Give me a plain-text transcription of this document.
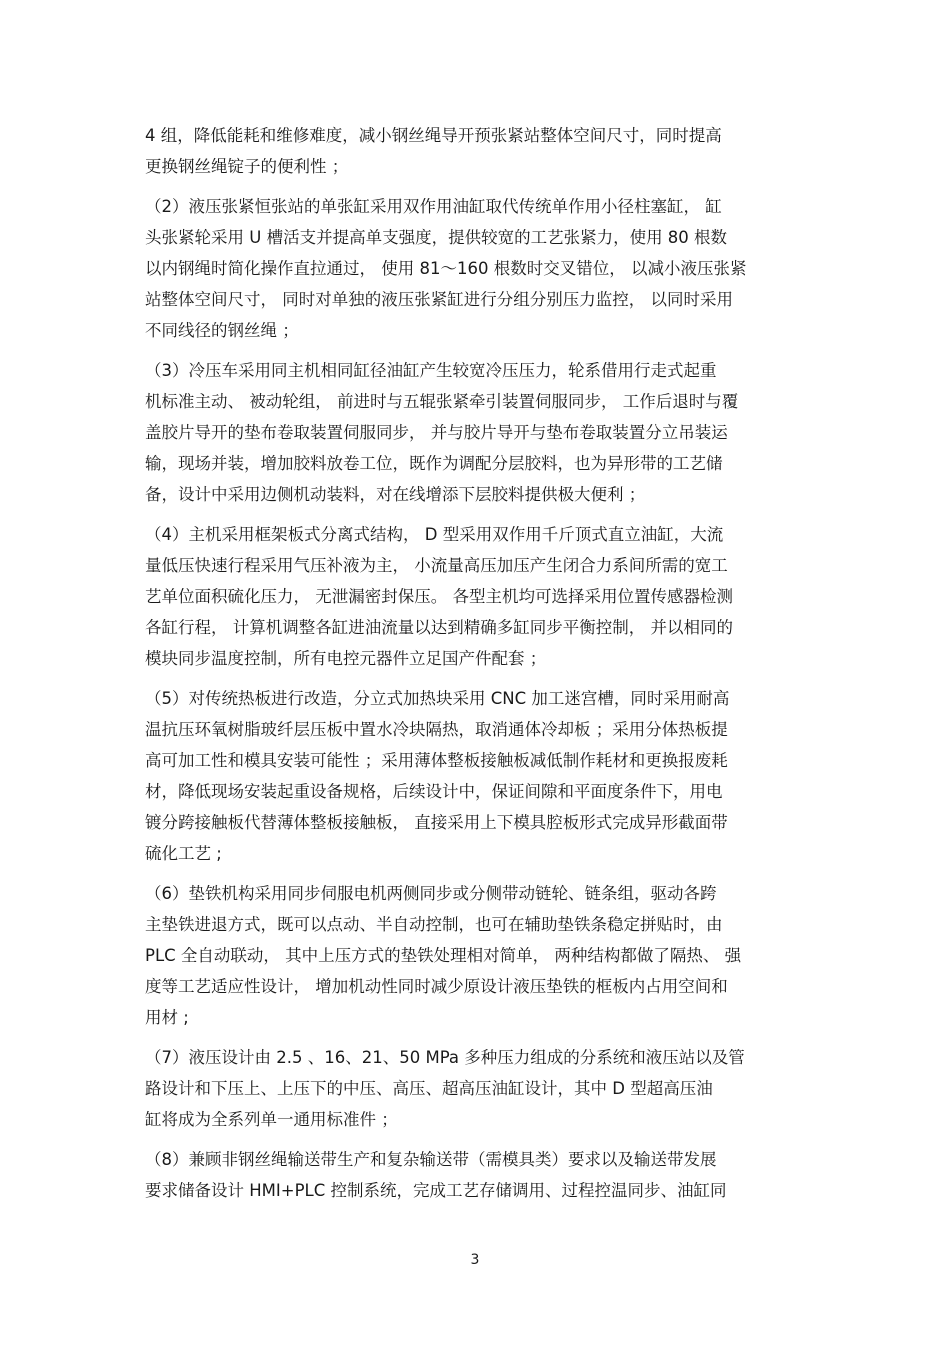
4 组，降低能耗和维修难度，减小钢丝绳导开预张紧站整体空间尺寸，同时提高
更换钢丝绳锭子的便利性 ；

（2）液压张紧恒张站的单张缸采用双作用油缸取代传统单作用小径柱塞缸， 缸
头张紧轮采用 U 槽活支并提高单支强度，提供较宽的工艺张紧力，使用 80 根数
以内钢绳时简化操作直拉通过， 使用 81～160 根数时交叉错位， 以减小液压张紧
站整体空间尺寸， 同时对单独的液压张紧缸进行分组分别压力监控， 以同时采用
不同线径的钢丝绳 ；

（3）冷压车采用同主机相同缸径油缸产生较宽冷压压力，轮系借用行走式起重
机标准主动、 被动轮组， 前进时与五辊张紧牵引装置伺服同步， 工作后退时与覆
盖胶片导开的垫布卷取装置伺服同步， 并与胶片导开与垫布卷取装置分立吊装运
输，现场并装，增加胶料放卷工位，既作为调配分层胶料，也为异形带的工艺储
备，设计中采用边侧机动装料，对在线增添下层胶料提供极大便利 ；

（4）主机采用框架板式分离式结构， D 型采用双作用千斤顶式直立油缸，大流
量低压快速行程采用气压补液为主， 小流量高压加压产生闭合力系间所需的宽工
艺单位面积硫化压力， 无泄漏密封保压。 各型主机均可选择采用位置传感器检测
各缸行程， 计算机调整各缸进油流量以达到精确多缸同步平衡控制， 并以相同的
模块同步温度控制，所有电控元器件立足国产件配套 ；

（5）对传统热板进行改造，分立式加热块采用 CNC 加工迷宫槽，同时采用耐高
温抗压环氧树脂玻纤层压板中置水冷块隔热，取消通体冷却板 ；采用分体热板提
高可加工性和模具安装可能性 ；采用薄体整板接触板减低制作耗材和更换报废耗
材，降低现场安装起重设备规格，后续设计中，保证间隙和平面度条件下，用电
镀分跨接触板代替薄体整板接触板， 直接采用上下模具腔板形式完成异形截面带
硫化工艺 ;

（6）垫铁机构采用同步伺服电机两侧同步或分侧带动链轮、链条组，驱动各跨
主垫铁进退方式，既可以点动、半自动控制，也可在辅助垫铁条稳定拼贴时，由
PLC 全自动联动， 其中上压方式的垫铁处理相对简单， 两种结构都做了隔热、 强
度等工艺适应性设计， 增加机动性同时减少原设计液压垫铁的框板内占用空间和
用材 ;

（7）液压设计由 2.5 、16、21、50 MPa 多种压力组成的分系统和液压站以及管
路设计和下压上、上压下的中压、高压、超高压油缸设计，其中 D 型超高压油
缸将成为全系列单一通用标准件 ；

（8）兼顾非钢丝绳输送带生产和复杂输送带（需模具类）要求以及输送带发展
要求储备设计 HMI+PLC 控制系统，完成工艺存储调用、过程控温同步、油缸同

3
